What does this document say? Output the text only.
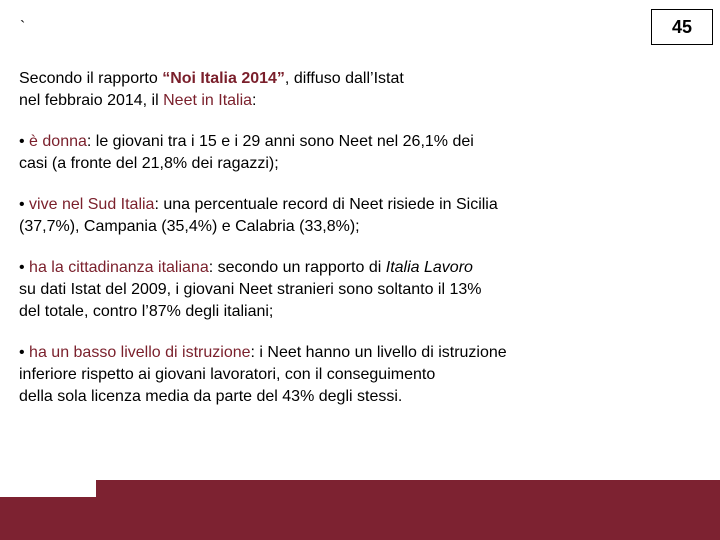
`	45

Secondo il rapporto “Noi Italia 2014”, diffuso dall’Istat
nel febbraio 2014, il Neet in Italia:

• è donna: le giovani tra i 15 e i 29 anni sono Neet nel 26,1% dei
casi (a fronte del 21,8% dei ragazzi);

• vive nel Sud Italia: una percentuale record di Neet risiede in Sicilia
(37,7%), Campania (35,4%) e Calabria (33,8%);

• ha la cittadinanza italiana: secondo un rapporto di Italia Lavoro
su dati Istat del 2009, i giovani Neet stranieri sono soltanto il 13%
del totale, contro l’87% degli italiani;

• ha un basso livello di istruzione: i Neet hanno un livello di istruzione
inferiore rispetto ai giovani lavoratori, con il conseguimento
della sola licenza media da parte del 43% degli stessi.
